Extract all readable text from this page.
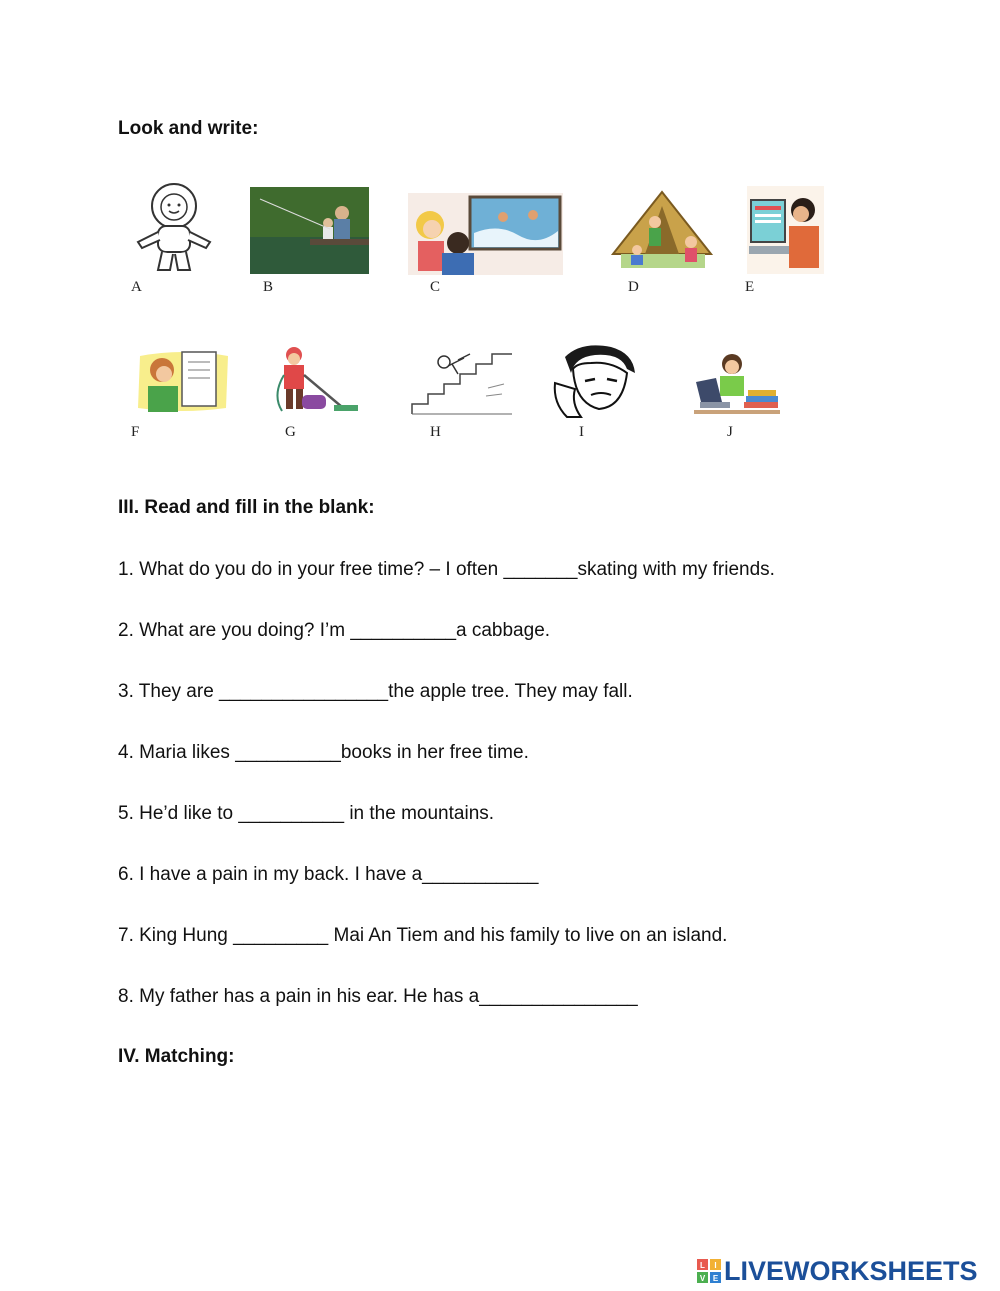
Look and write:
A	B	C	D	E
F	G	H	I	J
III. Read and fill in the blank:
1. What do you do in your free time? – I often _______skating with my friends.
2. What are you doing? I’m __________a cabbage.
3. They are ________________the apple tree. They may fall.
4. Maria likes __________books in her free time.
5. He’d like to __________ in the mountains.
6. I have a pain in my back. I have a___________
7. King Hung _________ Mai An Tiem and his family to live on an island.
8. My father has a pain in his ear. He has a_______________
IV. Matching:
L I
V E LIVEWORKSHEETS
